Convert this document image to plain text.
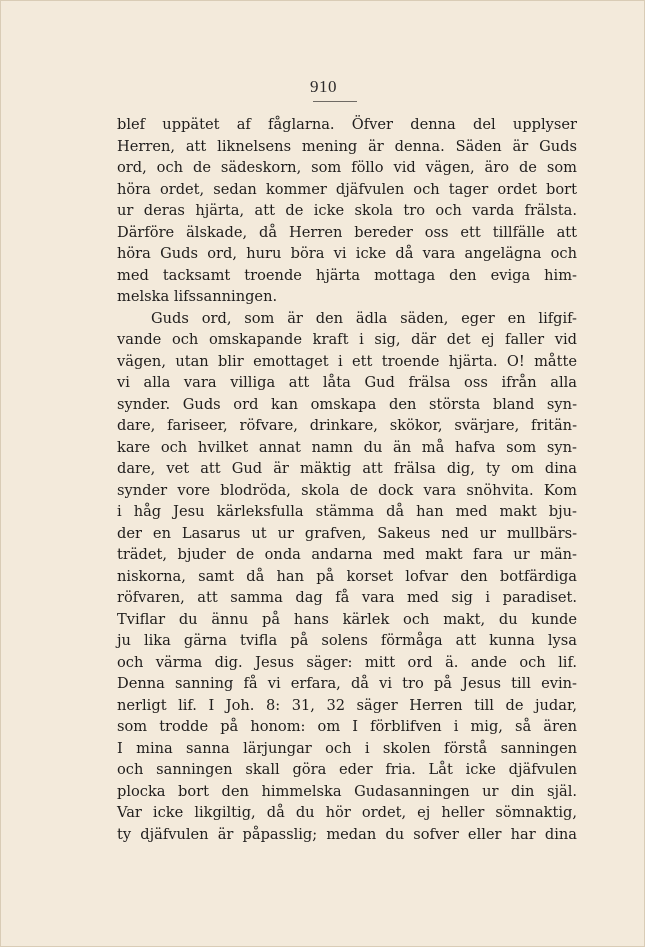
910
blef uppätet af fåglarna. Öfver denna del upplyser
Herren, att liknelsens mening är denna. Säden är Guds
ord, och de sädeskorn, som föllo vid vägen, äro de som
höra ordet, sedan kommer djäfvulen och tager ordet bort
ur deras hjärta, att de icke skola tro och varda frälsta.
Därföre älskade, då Herren bereder oss ett tillfälle att
höra Guds ord, huru böra vi icke då vara angelägna och
med tacksamt troende hjärta mottaga den eviga him-
melska lifssanningen.
Guds ord, som är den ädla säden, eger en lifgif-
vande och omskapande kraft i sig, där det ej faller vid
vägen, utan blir emottaget i ett troende hjärta. O! måtte
vi alla vara villiga att låta Gud frälsa oss ifrån alla
synder. Guds ord kan omskapa den största bland syn-
dare, fariseer, röfvare, drinkare, skökor, svärjare, fritän-
kare och hvilket annat namn du än må hafva som syn-
dare, vet att Gud är mäktig att frälsa dig, ty om dina
synder vore blodröda, skola de dock vara snöhvita. Kom
i håg Jesu kärleksfulla stämma då han med makt bju-
der en Lasarus ut ur grafven, Sakeus ned ur mullbärs-
trädet, bjuder de onda andarna med makt fara ur män-
niskorna, samt då han på korset lofvar den botfärdiga
röfvaren, att samma dag få vara med sig i paradiset.
Tviflar du ännu på hans kärlek och makt, du kunde
ju lika gärna tvifla på solens förmåga att kunna lysa
och värma dig. Jesus säger: mitt ord ä. ande och lif.
Denna sanning få vi erfara, då vi tro på Jesus till evin-
nerligt lif. I Joh. 8: 31, 32 säger Herren till de judar,
som trodde på honom: om I förblifven i mig, så ären
I mina sanna lärjungar och i skolen förstå sanningen
och sanningen skall göra eder fria. Låt icke djäfvulen
plocka bort den himmelska Gudasanningen ur din själ.
Var icke likgiltig, då du hör ordet, ej heller sömnaktig,
ty djäfvulen är påpasslig; medan du sofver eller har dina
